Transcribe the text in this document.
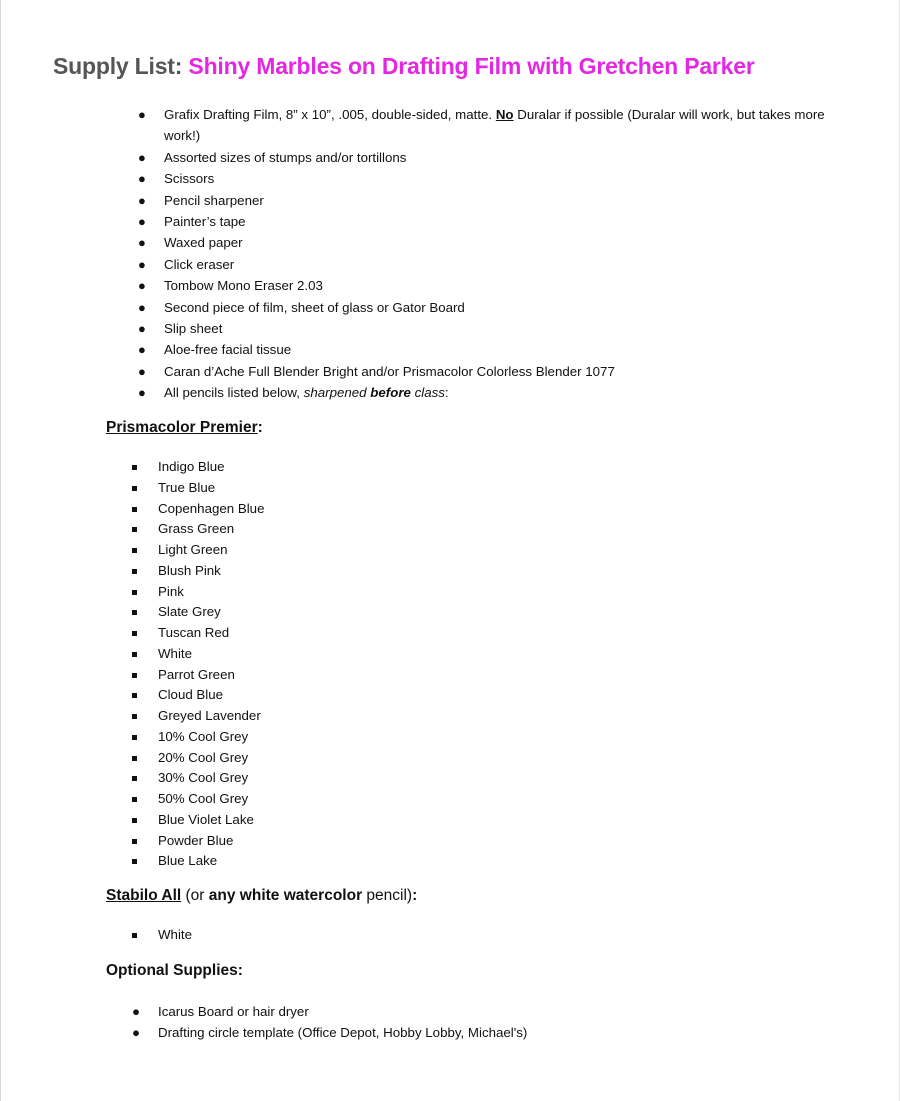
Supply List: Shiny Marbles on Drafting Film with Gretchen Parker
● Grafix Drafting Film, 8” x 10”, .005, double-sided, matte. No Duralar if possible (Duralar will work, but takes more work!)
● Assorted sizes of stumps and/or tortillons
● Scissors
● Pencil sharpener
● Painter’s tape
● Waxed paper
● Click eraser
● Tombow Mono Eraser 2.03
● Second piece of film, sheet of glass or Gator Board
● Slip sheet
● Aloe-free facial tissue
● Caran d’Ache Full Blender Bright and/or Prismacolor Colorless Blender 1077
● All pencils listed below, sharpened before class:
Prismacolor Premier:
Indigo Blue
True Blue
Copenhagen Blue
Grass Green
Light Green
Blush Pink
Pink
Slate Grey
Tuscan Red
White
Parrot Green
Cloud Blue
Greyed Lavender
10% Cool Grey
20% Cool Grey
30% Cool Grey
50% Cool Grey
Blue Violet Lake
Powder Blue
Blue Lake
Stabilo All (or any white watercolor pencil):
White
Optional Supplies:
● Icarus Board or hair dryer
● Drafting circle template (Office Depot, Hobby Lobby, Michael's)
